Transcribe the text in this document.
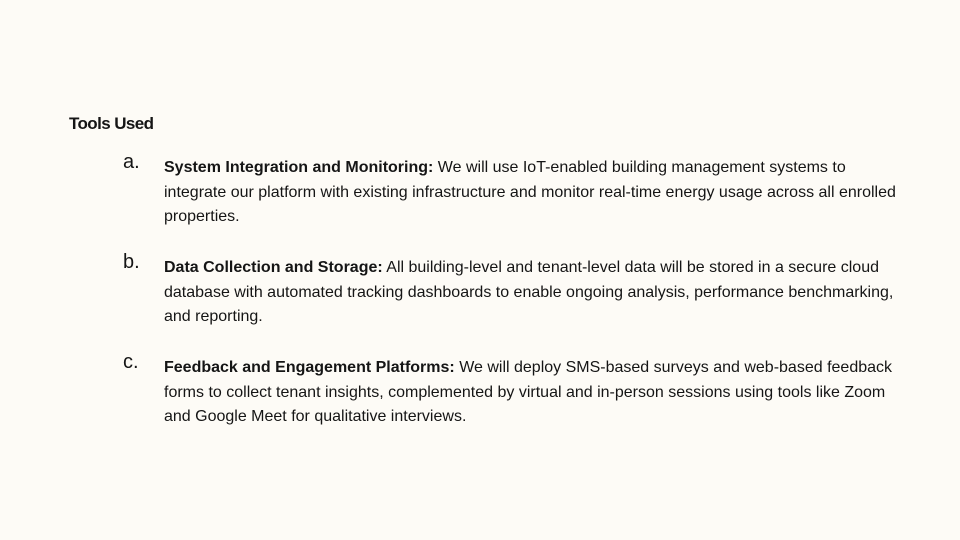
Tools Used
a. System Integration and Monitoring: We will use IoT-enabled building management systems to integrate our platform with existing infrastructure and monitor real-time energy usage across all enrolled properties.
b. Data Collection and Storage: All building-level and tenant-level data will be stored in a secure cloud database with automated tracking dashboards to enable ongoing analysis, performance benchmarking, and reporting.
c. Feedback and Engagement Platforms: We will deploy SMS-based surveys and web-based feedback forms to collect tenant insights, complemented by virtual and in-person sessions using tools like Zoom and Google Meet for qualitative interviews.
